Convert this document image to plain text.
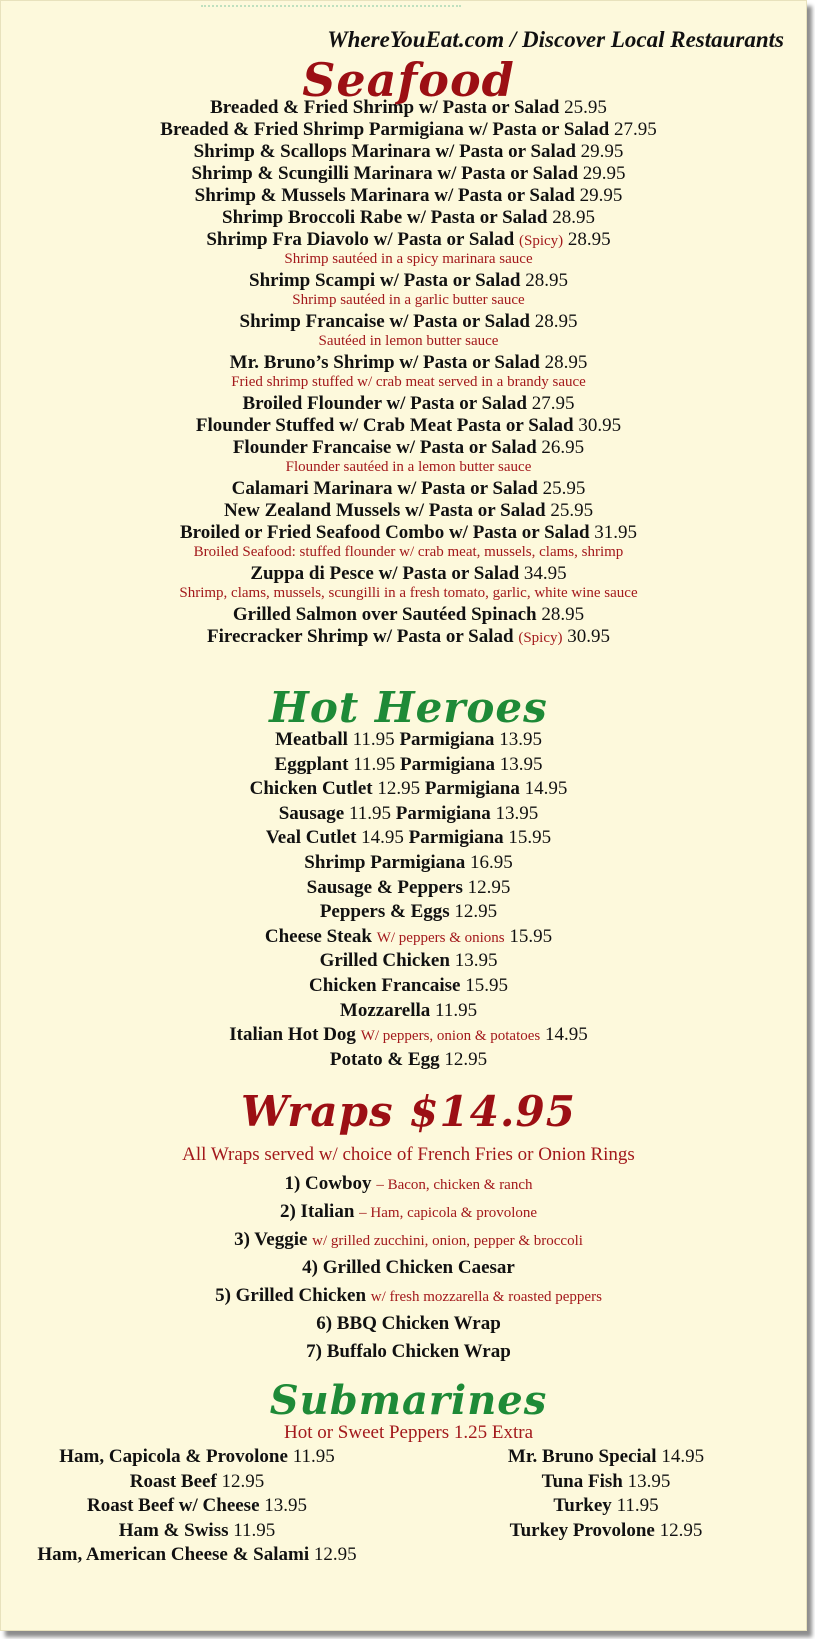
WhereYouEat.com / Discover Local Restaurants
Seafood
Breaded & Fried Shrimp w/ Pasta or Salad 25.95
Breaded & Fried Shrimp Parmigiana w/ Pasta or Salad 27.95
Shrimp & Scallops Marinara w/ Pasta or Salad 29.95
Shrimp & Scungilli Marinara w/ Pasta or Salad 29.95
Shrimp & Mussels Marinara w/ Pasta or Salad 29.95
Shrimp Broccoli Rabe w/ Pasta or Salad 28.95
Shrimp Fra Diavolo w/ Pasta or Salad (Spicy) 28.95
Shrimp sautéed in a spicy marinara sauce
Shrimp Scampi w/ Pasta or Salad 28.95
Shrimp sautéed in a garlic butter sauce
Shrimp Francaise w/ Pasta or Salad 28.95
Sautéed in lemon butter sauce
Mr. Bruno’s Shrimp w/ Pasta or Salad 28.95
Fried shrimp stuffed w/ crab meat served in a brandy sauce
Broiled Flounder w/ Pasta or Salad 27.95
Flounder Stuffed w/ Crab Meat Pasta or Salad 30.95
Flounder Francaise w/ Pasta or Salad 26.95
Flounder sautéed in a lemon butter sauce
Calamari Marinara w/ Pasta or Salad 25.95
New Zealand Mussels w/ Pasta or Salad 25.95
Broiled or Fried Seafood Combo w/ Pasta or Salad 31.95
Broiled Seafood: stuffed flounder w/ crab meat, mussels, clams, shrimp
Zuppa di Pesce w/ Pasta or Salad 34.95
Shrimp, clams, mussels, scungilli in a fresh tomato, garlic, white wine sauce
Grilled Salmon over Sautéed Spinach 28.95
Firecracker Shrimp w/ Pasta or Salad (Spicy) 30.95
Hot Heroes
Meatball 11.95 Parmigiana 13.95
Eggplant 11.95 Parmigiana 13.95
Chicken Cutlet 12.95 Parmigiana 14.95
Sausage 11.95 Parmigiana 13.95
Veal Cutlet 14.95 Parmigiana 15.95
Shrimp Parmigiana 16.95
Sausage & Peppers 12.95
Peppers & Eggs 12.95
Cheese Steak W/ peppers & onions 15.95
Grilled Chicken 13.95
Chicken Francaise 15.95
Mozzarella 11.95
Italian Hot Dog W/ peppers, onion & potatoes 14.95
Potato & Egg 12.95
Wraps $14.95
All Wraps served w/ choice of French Fries or Onion Rings
1) Cowboy – Bacon, chicken & ranch
2) Italian – Ham, capicola & provolone
3) Veggie w/ grilled zucchini, onion, pepper & broccoli
4) Grilled Chicken Caesar
5) Grilled Chicken w/ fresh mozzarella & roasted peppers
6) BBQ Chicken Wrap
7) Buffalo Chicken Wrap
Submarines
Hot or Sweet Peppers 1.25 Extra
Ham, Capicola & Provolone 11.95
Roast Beef 12.95
Roast Beef w/ Cheese 13.95
Ham & Swiss 11.95
Ham, American Cheese & Salami 12.95
Mr. Bruno Special 14.95
Tuna Fish 13.95
Turkey 11.95
Turkey Provolone 12.95
